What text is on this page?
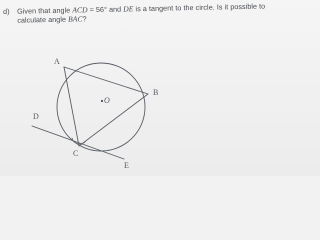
d) Given that angle ACD = 56° and DE is a tangent to the circle. Is it possible to
calculate angle BAC?
A
B
C
D
E
O
